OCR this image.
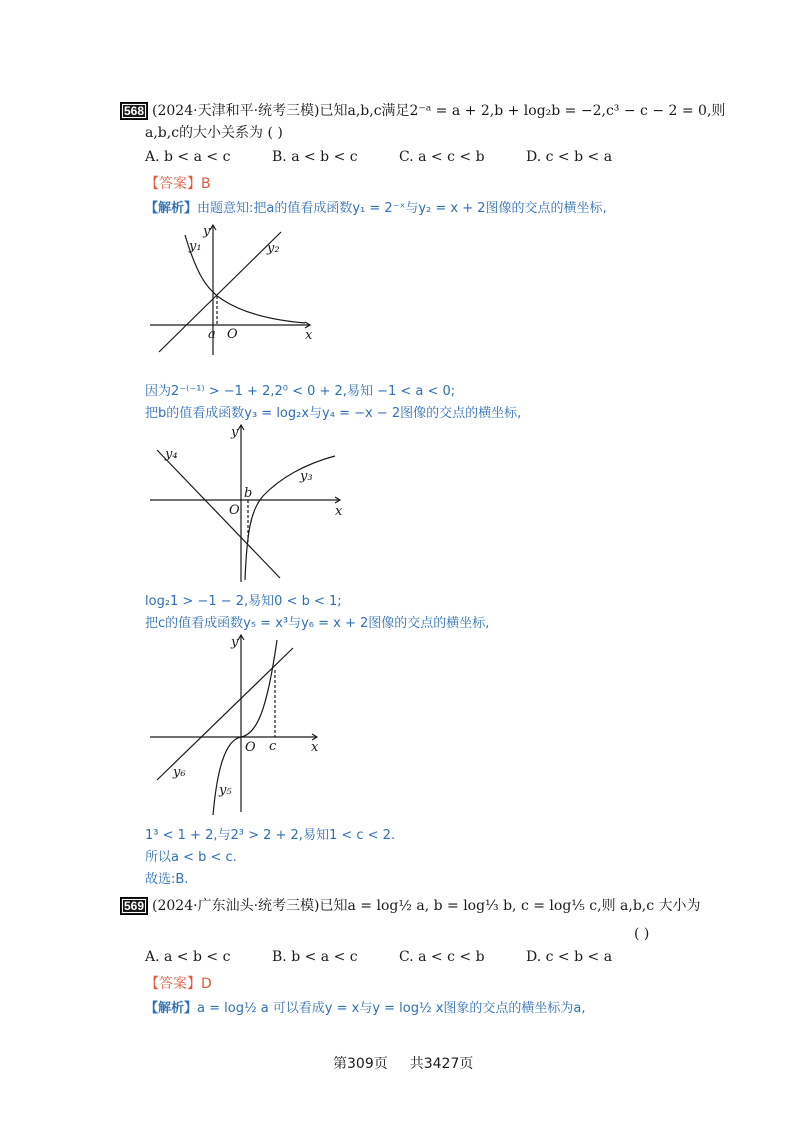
568 (2024·天津和平·统考三模)已知a,b,c满足2⁻ᵃ = a + 2,b + log₂b = −2,c³ − c − 2 = 0,则
a,b,c的大小关系为 ( )
A. b < a < c	B. a < b < c	C. a < c < b	D. c < b < a
【答案】B
【解析】由题意知:把a的值看成函数y₁ = 2⁻ˣ与y₂ = x + 2图像的交点的横坐标,
y
x
y₁	y₂
a O
因为2⁻⁽⁻¹⁾ > −1 + 2,2⁰ < 0 + 2,易知 −1 < a < 0;
把b的值看成函数y₃ = log₂x与y₄ = −x − 2图像的交点的横坐标,
y
x
y₄
y₃
b
O
log₂1 > −1 − 2,易知0 < b < 1;
把c的值看成函数y₅ = x³与y₆ = x + 2图像的交点的横坐标,
y
x
y₆
y₅
c
O
1³ < 1 + 2,与2³ > 2 + 2,易知1 < c < 2.
所以a < b < c.
故选:B.
569 (2024·广东汕头·统考三模)已知a = log½ a, b = log⅓ b, c = log⅕ c,则 a,b,c 大小为
( )
A. a < b < c	B. b < a < c	C. a < c < b	D. c < b < a
【答案】D
【解析】a = log½ a 可以看成y = x与y = log½ x图象的交点的横坐标为a,
第309页 共3427页
